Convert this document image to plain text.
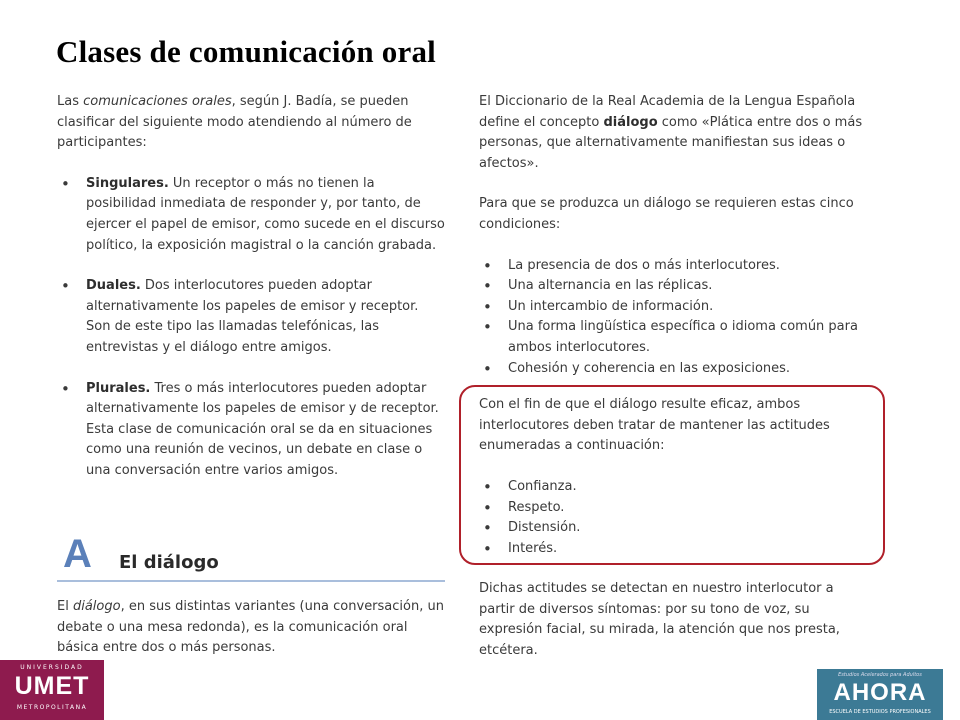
Clases de comunicación oral

Las comunicaciones orales, según J. Badía, se pueden clasificar del siguiente modo atendiendo al número de participantes:

• Singulares. Un receptor o más no tienen la posibilidad inmediata de responder y, por tanto, de ejercer el papel de emisor, como sucede en el discurso político, la exposición magistral o la canción grabada.
• Duales. Dos interlocutores pueden adoptar alternativamente los papeles de emisor y receptor. Son de este tipo las llamadas telefónicas, las entrevistas y el diálogo entre amigos.
• Plurales. Tres o más interlocutores pueden adoptar alternativamente los papeles de emisor y de receptor. Esta clase de comunicación oral se da en situaciones como una reunión de vecinos, un debate en clase o una conversación entre varios amigos.
A El diálogo

El diálogo, en sus distintas variantes (una conversación, un debate o una mesa redonda), es la comunicación oral básica entre dos o más personas.

El Diccionario de la Real Academia de la Lengua Española define el concepto diálogo como «Plática entre dos o más personas, que alternativamente manifiestan sus ideas o afectos».

Para que se produzca un diálogo se requieren estas cinco condiciones:

• La presencia de dos o más interlocutores.
• Una alternancia en las réplicas.
• Un intercambio de información.
• Una forma lingüística específica o idioma común para ambos interlocutores.
• Cohesión y coherencia en las exposiciones.

Con el fin de que el diálogo resulte eficaz, ambos interlocutores deben tratar de mantener las actitudes enumeradas a continuación:

• Confianza.
• Respeto.
• Distensión.
• Interés.

Dichas actitudes se detectan en nuestro interlocutor a partir de diversos síntomas: por su tono de voz, su expresión facial, su mirada, la atención que nos presta, etcétera.

UNIVERSIDAD
UMET
METROPOLITANA
Estudios Acelerados para Adultos
AHORA
ESCUELA DE ESTUDIOS PROFESIONALES
